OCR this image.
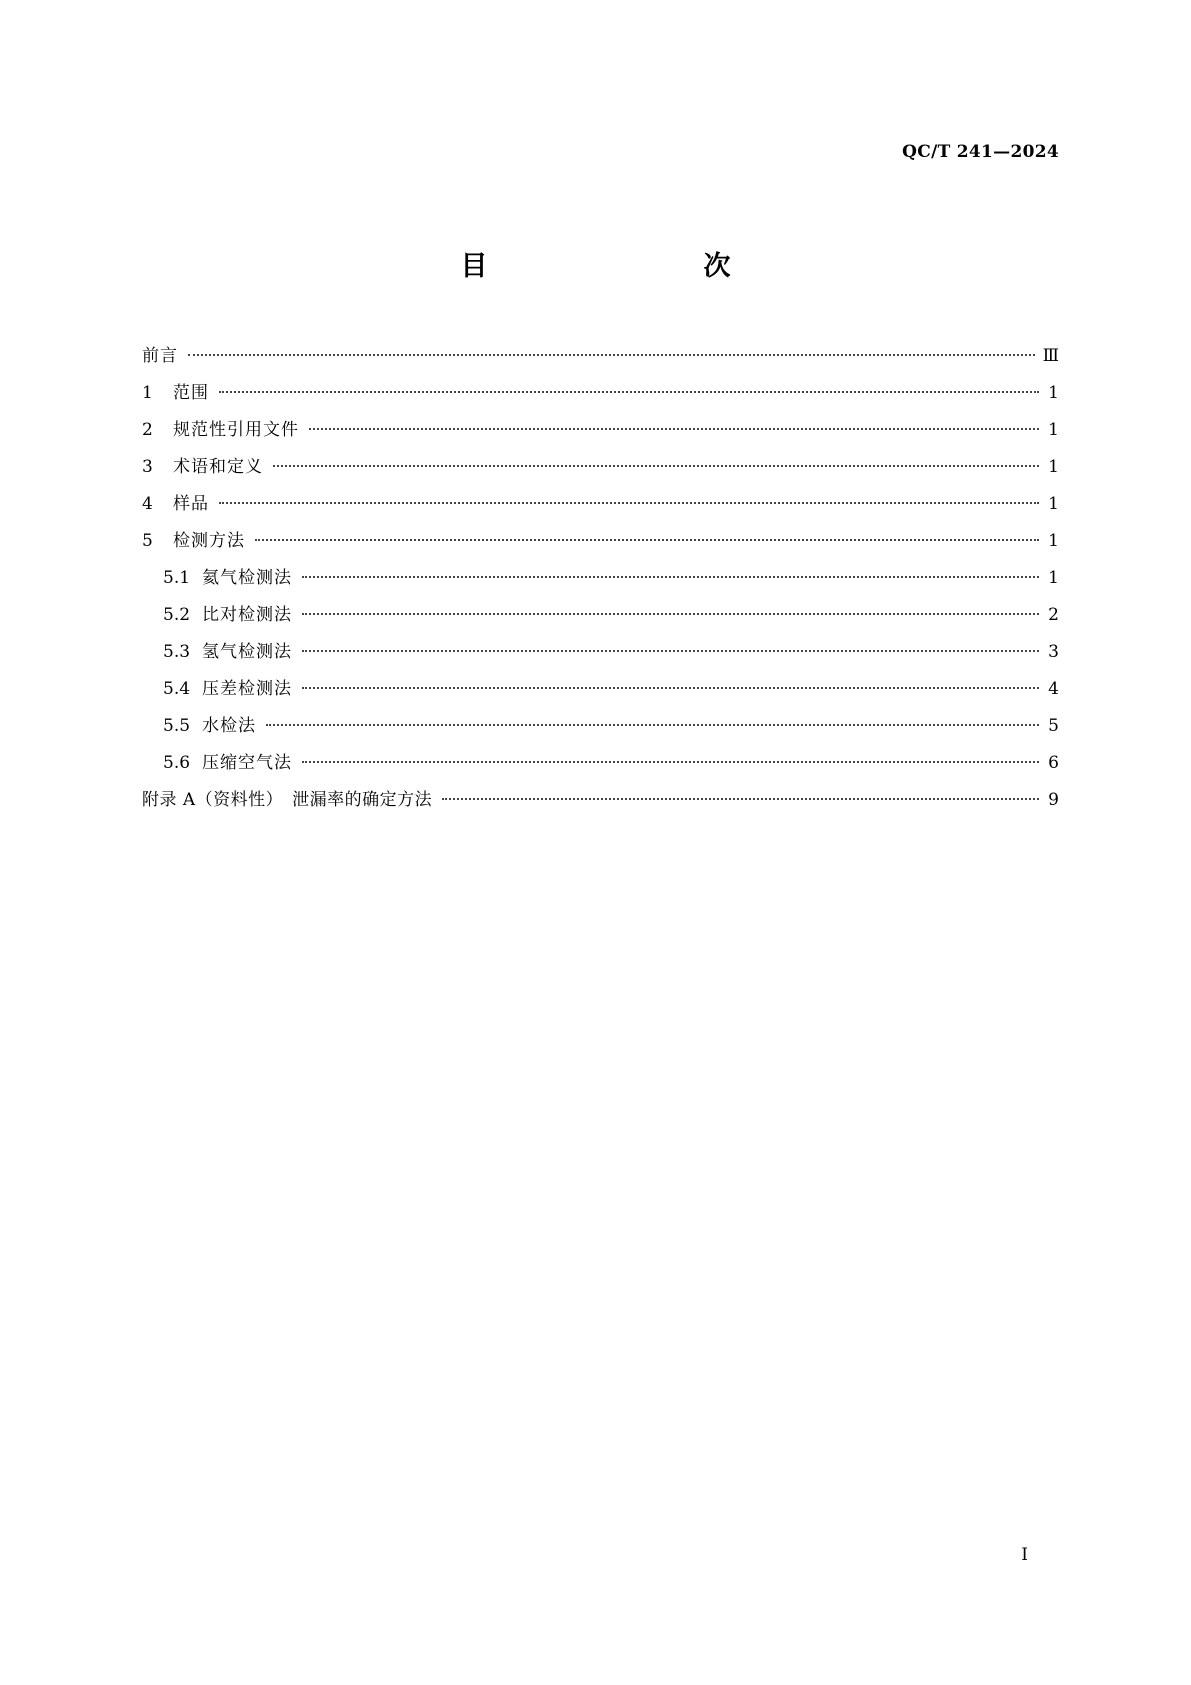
QC/T 241—2024
目　　次
前言	Ⅲ
1	范围	1
2	规范性引用文件	1
3	术语和定义	1
4	样品	1
5	检测方法	1
5.1 氦气检测法	1
5.2 比对检测法	2
5.3 氢气检测法	3
5.4 压差检测法	4
5.5 水检法	5
5.6 压缩空气法	6
附录 A（资料性）　泄漏率的确定方法	9
I
